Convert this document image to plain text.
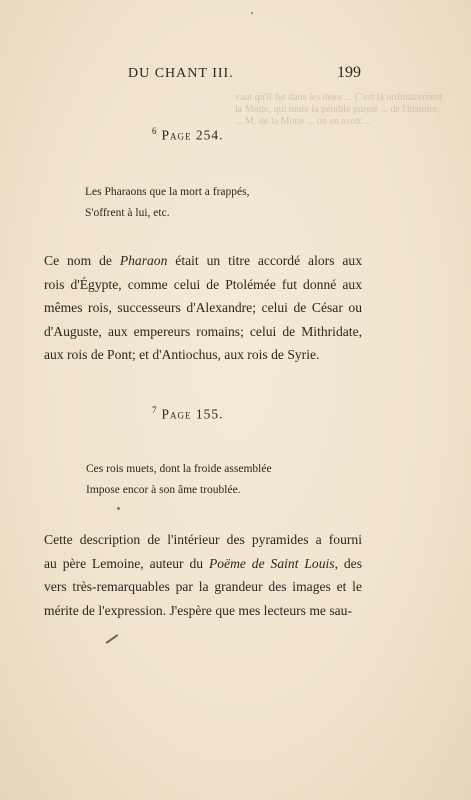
vaut qu'il fut dans les deux ... C'est là ordinairement
la Motte, qui toute la pénible pureté ... de l'histoire,
... M. de la Motte ... on en avoit ...
DU CHANT III.	199
$^6$ Page 254.
Les Pharaons que la mort a frappés,
S'offrent à lui, etc.
Ce nom de Pharaon était un titre accordé alors aux
rois d'Égypte, comme celui de Ptolémée fut donné aux
mêmes rois, successeurs d'Alexandre; celui de César ou
d'Auguste, aux empereurs romains; celui de Mithridate,
aux rois de Pont; et d'Antiochus, aux rois de Syrie.
$^7$ Page 155.
Ces rois muets, dont la froide assemblée
Impose encor à son âme troublée.
Cette description de l'intérieur des pyramides a fourni
au père Lemoine, auteur du Poëme de Saint Louis, des
vers très-remarquables par la grandeur des images et le
mérite de l'expression. J'espère que mes lecteurs me sau-
